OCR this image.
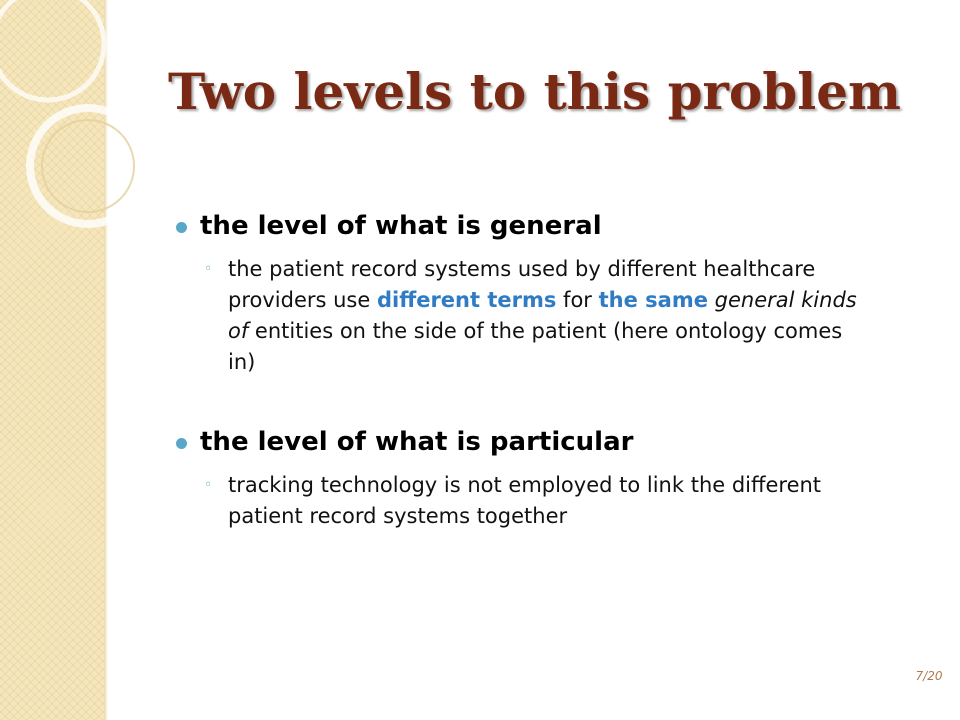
Two levels to this problem
the level of what is general
◦ the patient record systems used by different healthcare providers use different terms for the same general kinds of entities on the side of the patient (here ontology comes in)
the level of what is particular
◦ tracking technology is not employed to link the different patient record systems together
7/20
